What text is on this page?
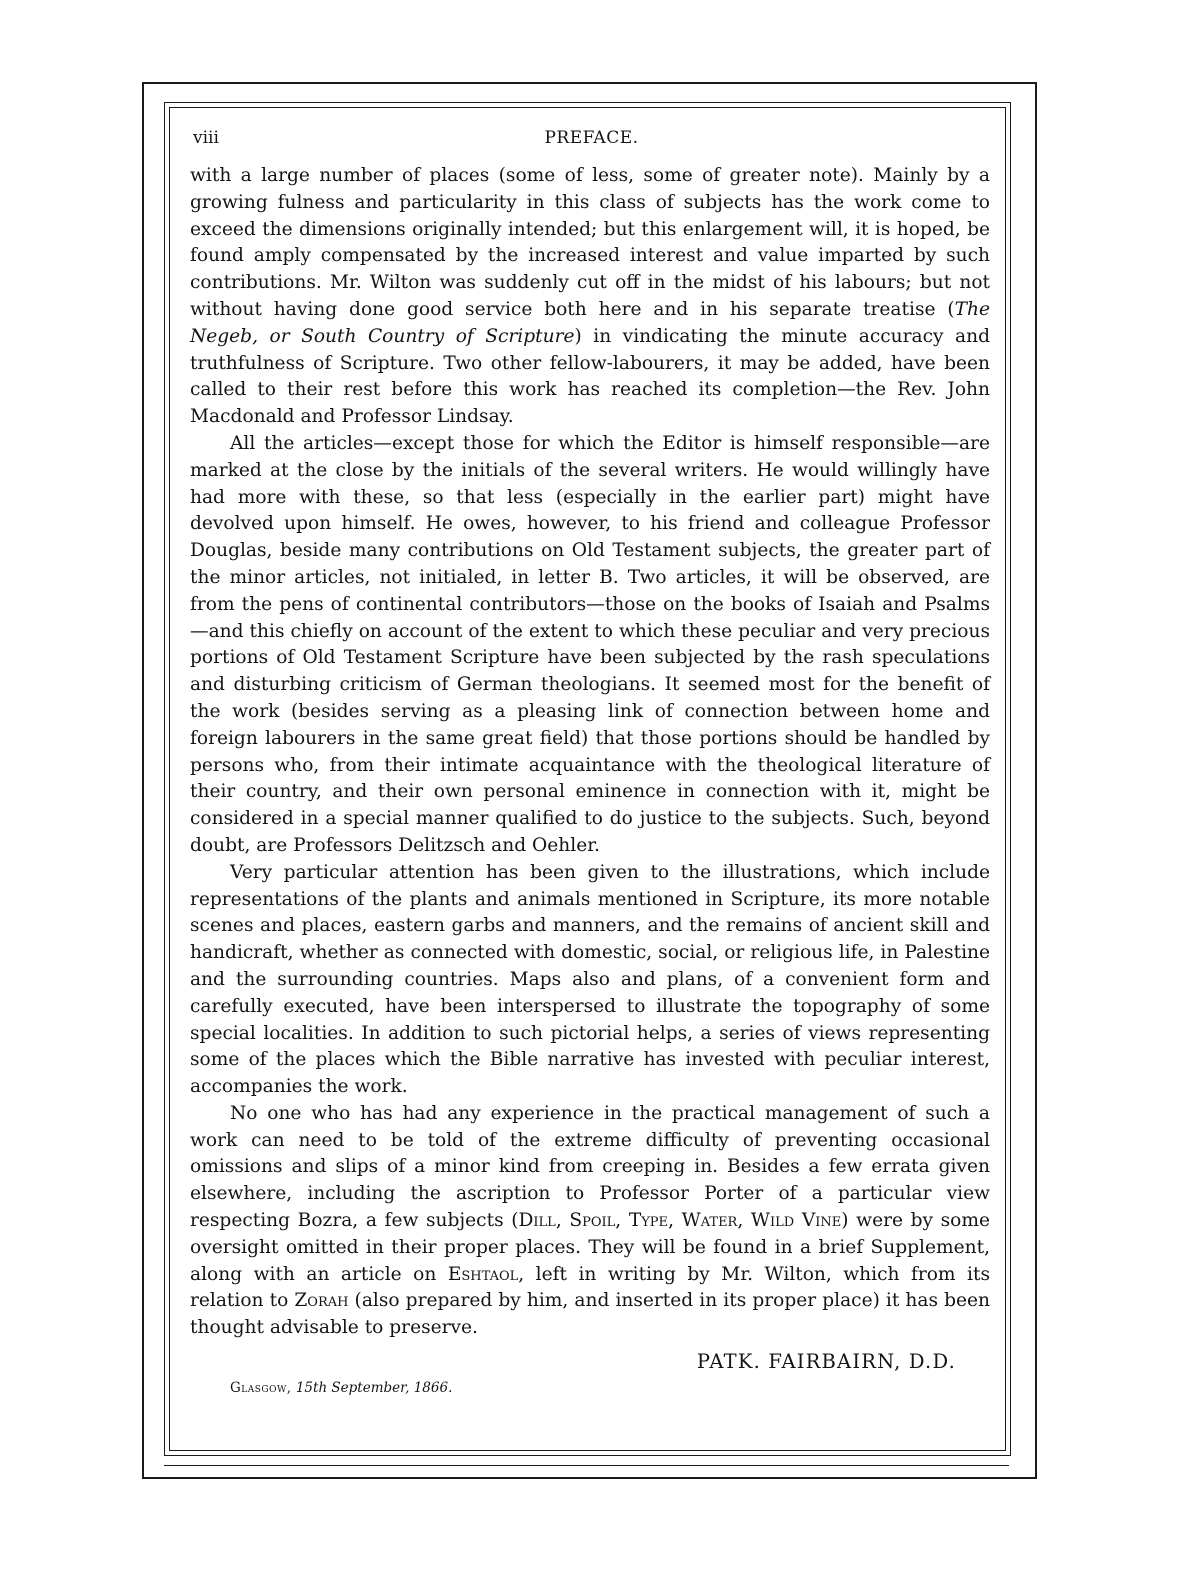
viii	PREFACE.

with a large number of places (some of less, some of greater note). Mainly by a growing fulness and particularity in this class of subjects has the work come to exceed the dimensions originally intended; but this enlargement will, it is hoped, be found amply compensated by the increased interest and value imparted by such contributions. Mr. Wilton was suddenly cut off in the midst of his labours; but not without having done good service both here and in his separate treatise (The Negeb, or South Country of Scripture) in vindicating the minute accuracy and truthfulness of Scripture. Two other fellow-labourers, it may be added, have been called to their rest before this work has reached its completion—the Rev. John Macdonald and Professor Lindsay.

All the articles—except those for which the Editor is himself responsible—are marked at the close by the initials of the several writers. He would willingly have had more with these, so that less (especially in the earlier part) might have devolved upon himself. He owes, however, to his friend and colleague Professor Douglas, beside many contributions on Old Testament subjects, the greater part of the minor articles, not initialed, in letter B. Two articles, it will be observed, are from the pens of continental contributors—those on the books of Isaiah and Psalms—and this chiefly on account of the extent to which these peculiar and very precious portions of Old Testament Scripture have been subjected by the rash speculations and disturbing criticism of German theologians. It seemed most for the benefit of the work (besides serving as a pleasing link of connection between home and foreign labourers in the same great field) that those portions should be handled by persons who, from their intimate acquaintance with the theological literature of their country, and their own personal eminence in connection with it, might be considered in a special manner qualified to do justice to the subjects. Such, beyond doubt, are Professors Delitzsch and Oehler.

Very particular attention has been given to the illustrations, which include representations of the plants and animals mentioned in Scripture, its more notable scenes and places, eastern garbs and manners, and the remains of ancient skill and handicraft, whether as connected with domestic, social, or religious life, in Palestine and the surrounding countries. Maps also and plans, of a convenient form and carefully executed, have been interspersed to illustrate the topography of some special localities. In addition to such pictorial helps, a series of views representing some of the places which the Bible narrative has invested with peculiar interest, accompanies the work.

No one who has had any experience in the practical management of such a work can need to be told of the extreme difficulty of preventing occasional omissions and slips of a minor kind from creeping in. Besides a few errata given elsewhere, including the ascription to Professor Porter of a particular view respecting Bozra, a few subjects (Dill, Spoil, Type, Water, Wild Vine) were by some oversight omitted in their proper places. They will be found in a brief Supplement, along with an article on Eshtaol, left in writing by Mr. Wilton, which from its relation to Zorah (also prepared by him, and inserted in its proper place) it has been thought advisable to preserve.

PATK. FAIRBAIRN, D.D.
Glasgow, 15th September, 1866.
